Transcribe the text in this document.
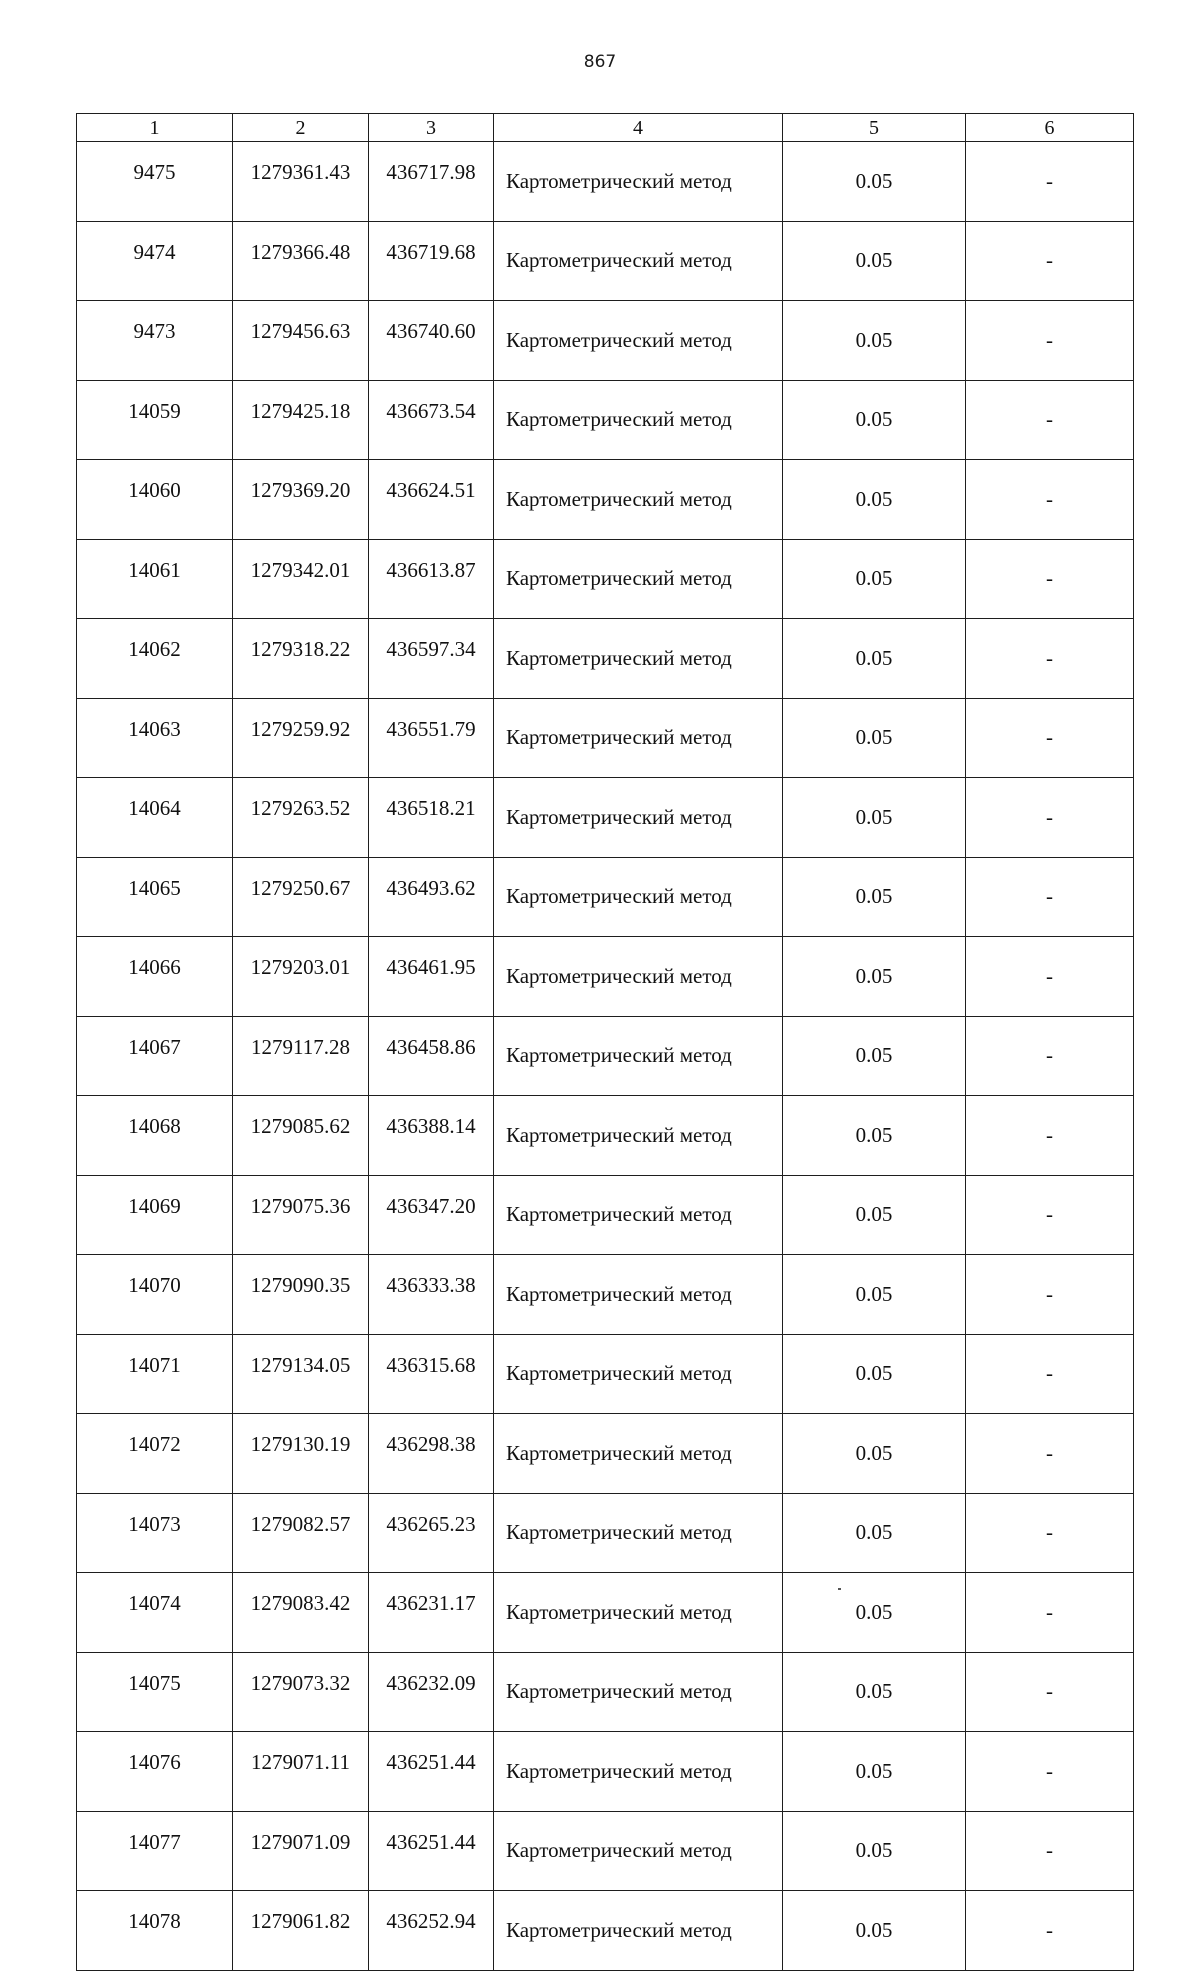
867
1	2	3	4	5	6
9475	1279361.43	436717.98	Картометрический метод	0.05	-
9474	1279366.48	436719.68	Картометрический метод	0.05	-
9473	1279456.63	436740.60	Картометрический метод	0.05	-
14059	1279425.18	436673.54	Картометрический метод	0.05	-
14060	1279369.20	436624.51	Картометрический метод	0.05	-
14061	1279342.01	436613.87	Картометрический метод	0.05	-
14062	1279318.22	436597.34	Картометрический метод	0.05	-
14063	1279259.92	436551.79	Картометрический метод	0.05	-
14064	1279263.52	436518.21	Картометрический метод	0.05	-
14065	1279250.67	436493.62	Картометрический метод	0.05	-
14066	1279203.01	436461.95	Картометрический метод	0.05	-
14067	1279117.28	436458.86	Картометрический метод	0.05	-
14068	1279085.62	436388.14	Картометрический метод	0.05	-
14069	1279075.36	436347.20	Картометрический метод	0.05	-
14070	1279090.35	436333.38	Картометрический метод	0.05	-
14071	1279134.05	436315.68	Картометрический метод	0.05	-
14072	1279130.19	436298.38	Картометрический метод	0.05	-
14073	1279082.57	436265.23	Картометрический метод	0.05	-
14074	1279083.42	436231.17	Картометрический метод	0.05	-
14075	1279073.32	436232.09	Картометрический метод	0.05	-
14076	1279071.11	436251.44	Картометрический метод	0.05	-
14077	1279071.09	436251.44	Картометрический метод	0.05	-
14078	1279061.82	436252.94	Картометрический метод	0.05	-
